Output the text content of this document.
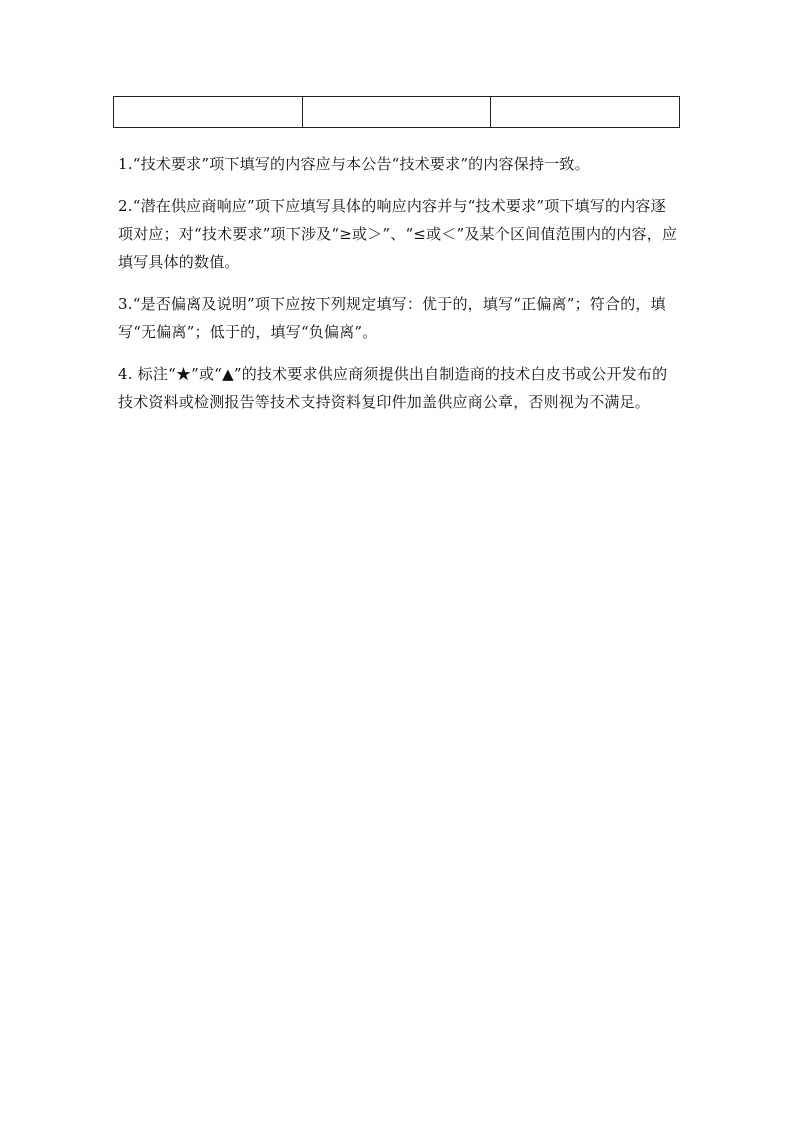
1.“技术要求”项下填写的内容应与本公告“技术要求”的内容保持一致。

2.“潜在供应商响应”项下应填写具体的响应内容并与“技术要求”项下填写的内容逐项对应；对“技术要求”项下涉及“≥或＞”、“≤或＜”及某个区间值范围内的内容，应填写具体的数值。

3.“是否偏离及说明”项下应按下列规定填写：优于的，填写“正偏离”；符合的，填写“无偏离”；低于的，填写“负偏离”。

4. 标注“★”或“▲”的技术要求供应商须提供出自制造商的技术白皮书或公开发布的技术资料或检测报告等技术支持资料复印件加盖供应商公章，否则视为不满足。
